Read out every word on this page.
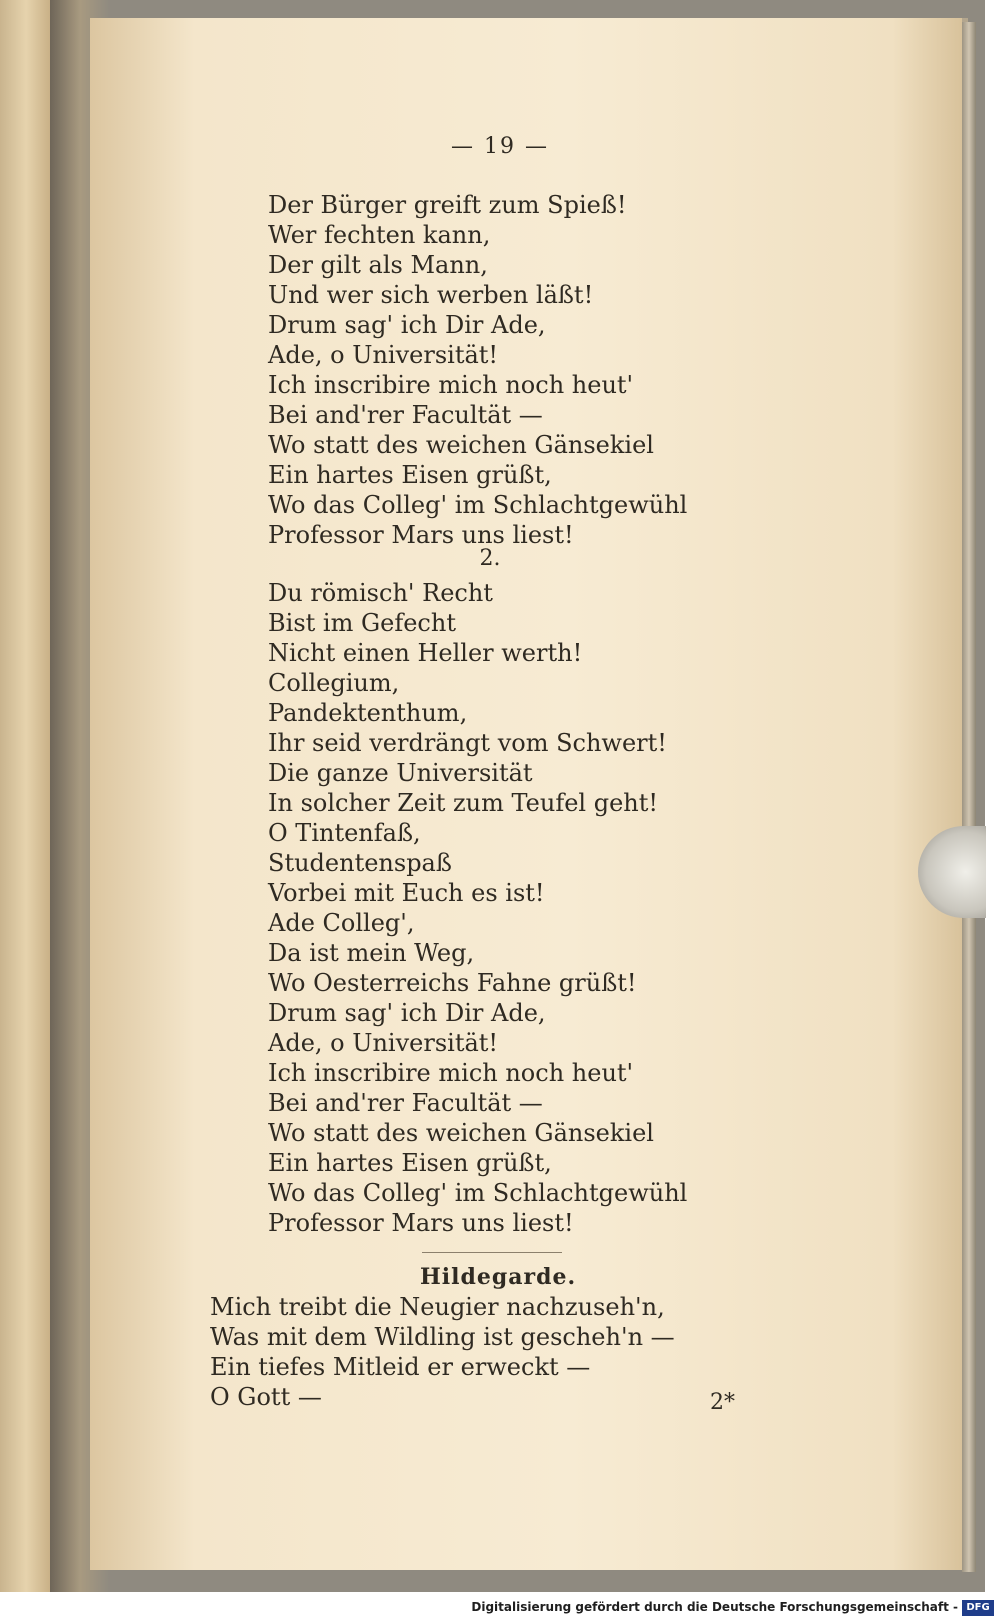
— 19 —
Der Bürger greift zum Spieß!
Wer fechten kann,
Der gilt als Mann,
Und wer sich werben läßt!
Drum sag' ich Dir Ade,
Ade, o Universität!
Ich inscribire mich noch heut'
Bei and'rer Facultät —
Wo statt des weichen Gänsekiel
Ein hartes Eisen grüßt,
Wo das Colleg' im Schlachtgewühl
Professor Mars uns liest!
2.
Du römisch' Recht
Bist im Gefecht
Nicht einen Heller werth!
Collegium,
Pandektenthum,
Ihr seid verdrängt vom Schwert!
Die ganze Universität
In solcher Zeit zum Teufel geht!
O Tintenfaß,
Studentenspaß
Vorbei mit Euch es ist!
Ade Colleg',
Da ist mein Weg,
Wo Oesterreichs Fahne grüßt!
Drum sag' ich Dir Ade,
Ade, o Universität!
Ich inscribire mich noch heut'
Bei and'rer Facultät —
Wo statt des weichen Gänsekiel
Ein hartes Eisen grüßt,
Wo das Colleg' im Schlachtgewühl
Professor Mars uns liest!
Hildegarde.
Mich treibt die Neugier nachzuseh'n,
Was mit dem Wildling ist gescheh'n —
Ein tiefes Mitleid er erweckt —
O Gott —	2*
Digitalisierung gefördert durch die Deutsche Forschungsgemeinschaft - DFG
